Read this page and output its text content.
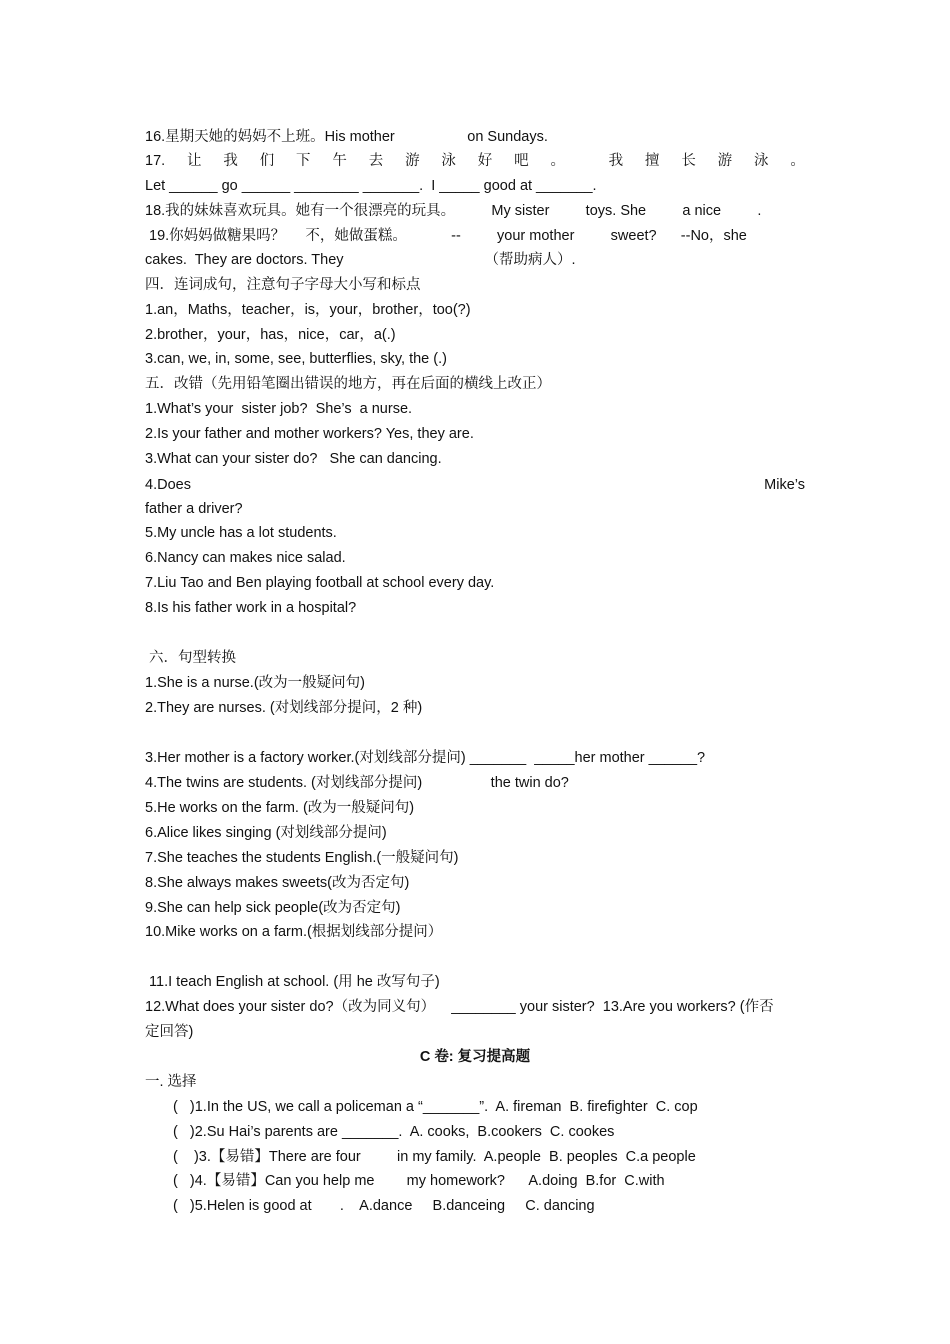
16.星期天她的妈妈不上班。His mother                  on Sundays.
17. 让 我 们 下 午 去 游 泳 好 吧 。	我 擅 长 游 泳 。
Let ______ go ______ ________ _______.  I _____ good at _______.
18.我的妹妹喜欢玩具。她有一个很漂亮的玩具。         My sister         toys. She         a nice         .
19.你妈妈做糖果吗？     不，她做蛋糕。           --         your mother         sweet?      --No，she
cakes.  They are doctors. They                                   （帮助病人）.
四．连词成句，注意句子字母大小写和标点
1.an，Maths，teacher，is，your，brother，too(?)
2.brother，your，has，nice，car，a(.)
3.can, we, in, some, see, butterflies, sky, the (.)
五．改错（先用铅笔圈出错误的地方，再在后面的横线上改正）
1.What’s your  sister job?  She’s  a nurse.
2.Is your father and mother workers? Yes, they are.
3.What can your sister do?   She can dancing.
4.Does	Mike’s
father a driver?
5.My uncle has a lot students.
6.Nancy can makes nice salad.
7.Liu Tao and Ben playing football at school every day.
8.Is his father work in a hospital?
六．句型转换
1.She is a nurse.(改为一般疑问句)
2.They are nurses. (对划线部分提问，2 种)
3.Her mother is a factory worker.(对划线部分提问) _______  _____her mother ______?
4.The twins are students. (对划线部分提问)                 the twin do?
5.He works on the farm. (改为一般疑问句)
6.Alice likes singing (对划线部分提问)
7.She teaches the students English.(一般疑问句)
8.She always makes sweets(改为否定句)
9.She can help sick people(改为否定句)
10.Mike works on a farm.(根据划线部分提问）
11.I teach English at school. (用 he 改写句子)
12.What does your sister do?（改为同义句）    ________ your sister?  13.Are you workers? (作否
定回答)
C 卷: 复习提高题
一. 选择
(   )1.In the US, we call a policeman a “_______”.  A. fireman  B. firefighter  C. cop
(   )2.Su Hai’s parents are _______.  A. cooks,  B.cookers  C. cookes
(    )3.【易错】There are four         in my family.  A.people  B. peoples  C.a people
(   )4.【易错】Can you help me        my homework?      A.doing  B.for  C.with
(   )5.Helen is good at       .    A.dance     B.danceing     C. dancing
